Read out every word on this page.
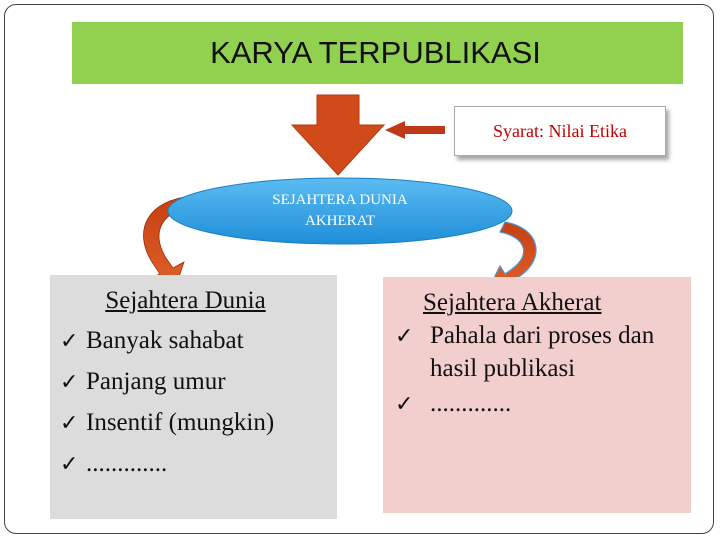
KARYA TERPUBLIKASI
Syarat: Nilai Etika
SEJAHTERA DUNIA
AKHERAT
Sejahtera Dunia
✓ Banyak sahabat
✓ Panjang umur
✓ Insentif (mungkin)
✓ .............
Sejahtera Akherat
✓ Pahala dari proses dan hasil publikasi
✓ .............
